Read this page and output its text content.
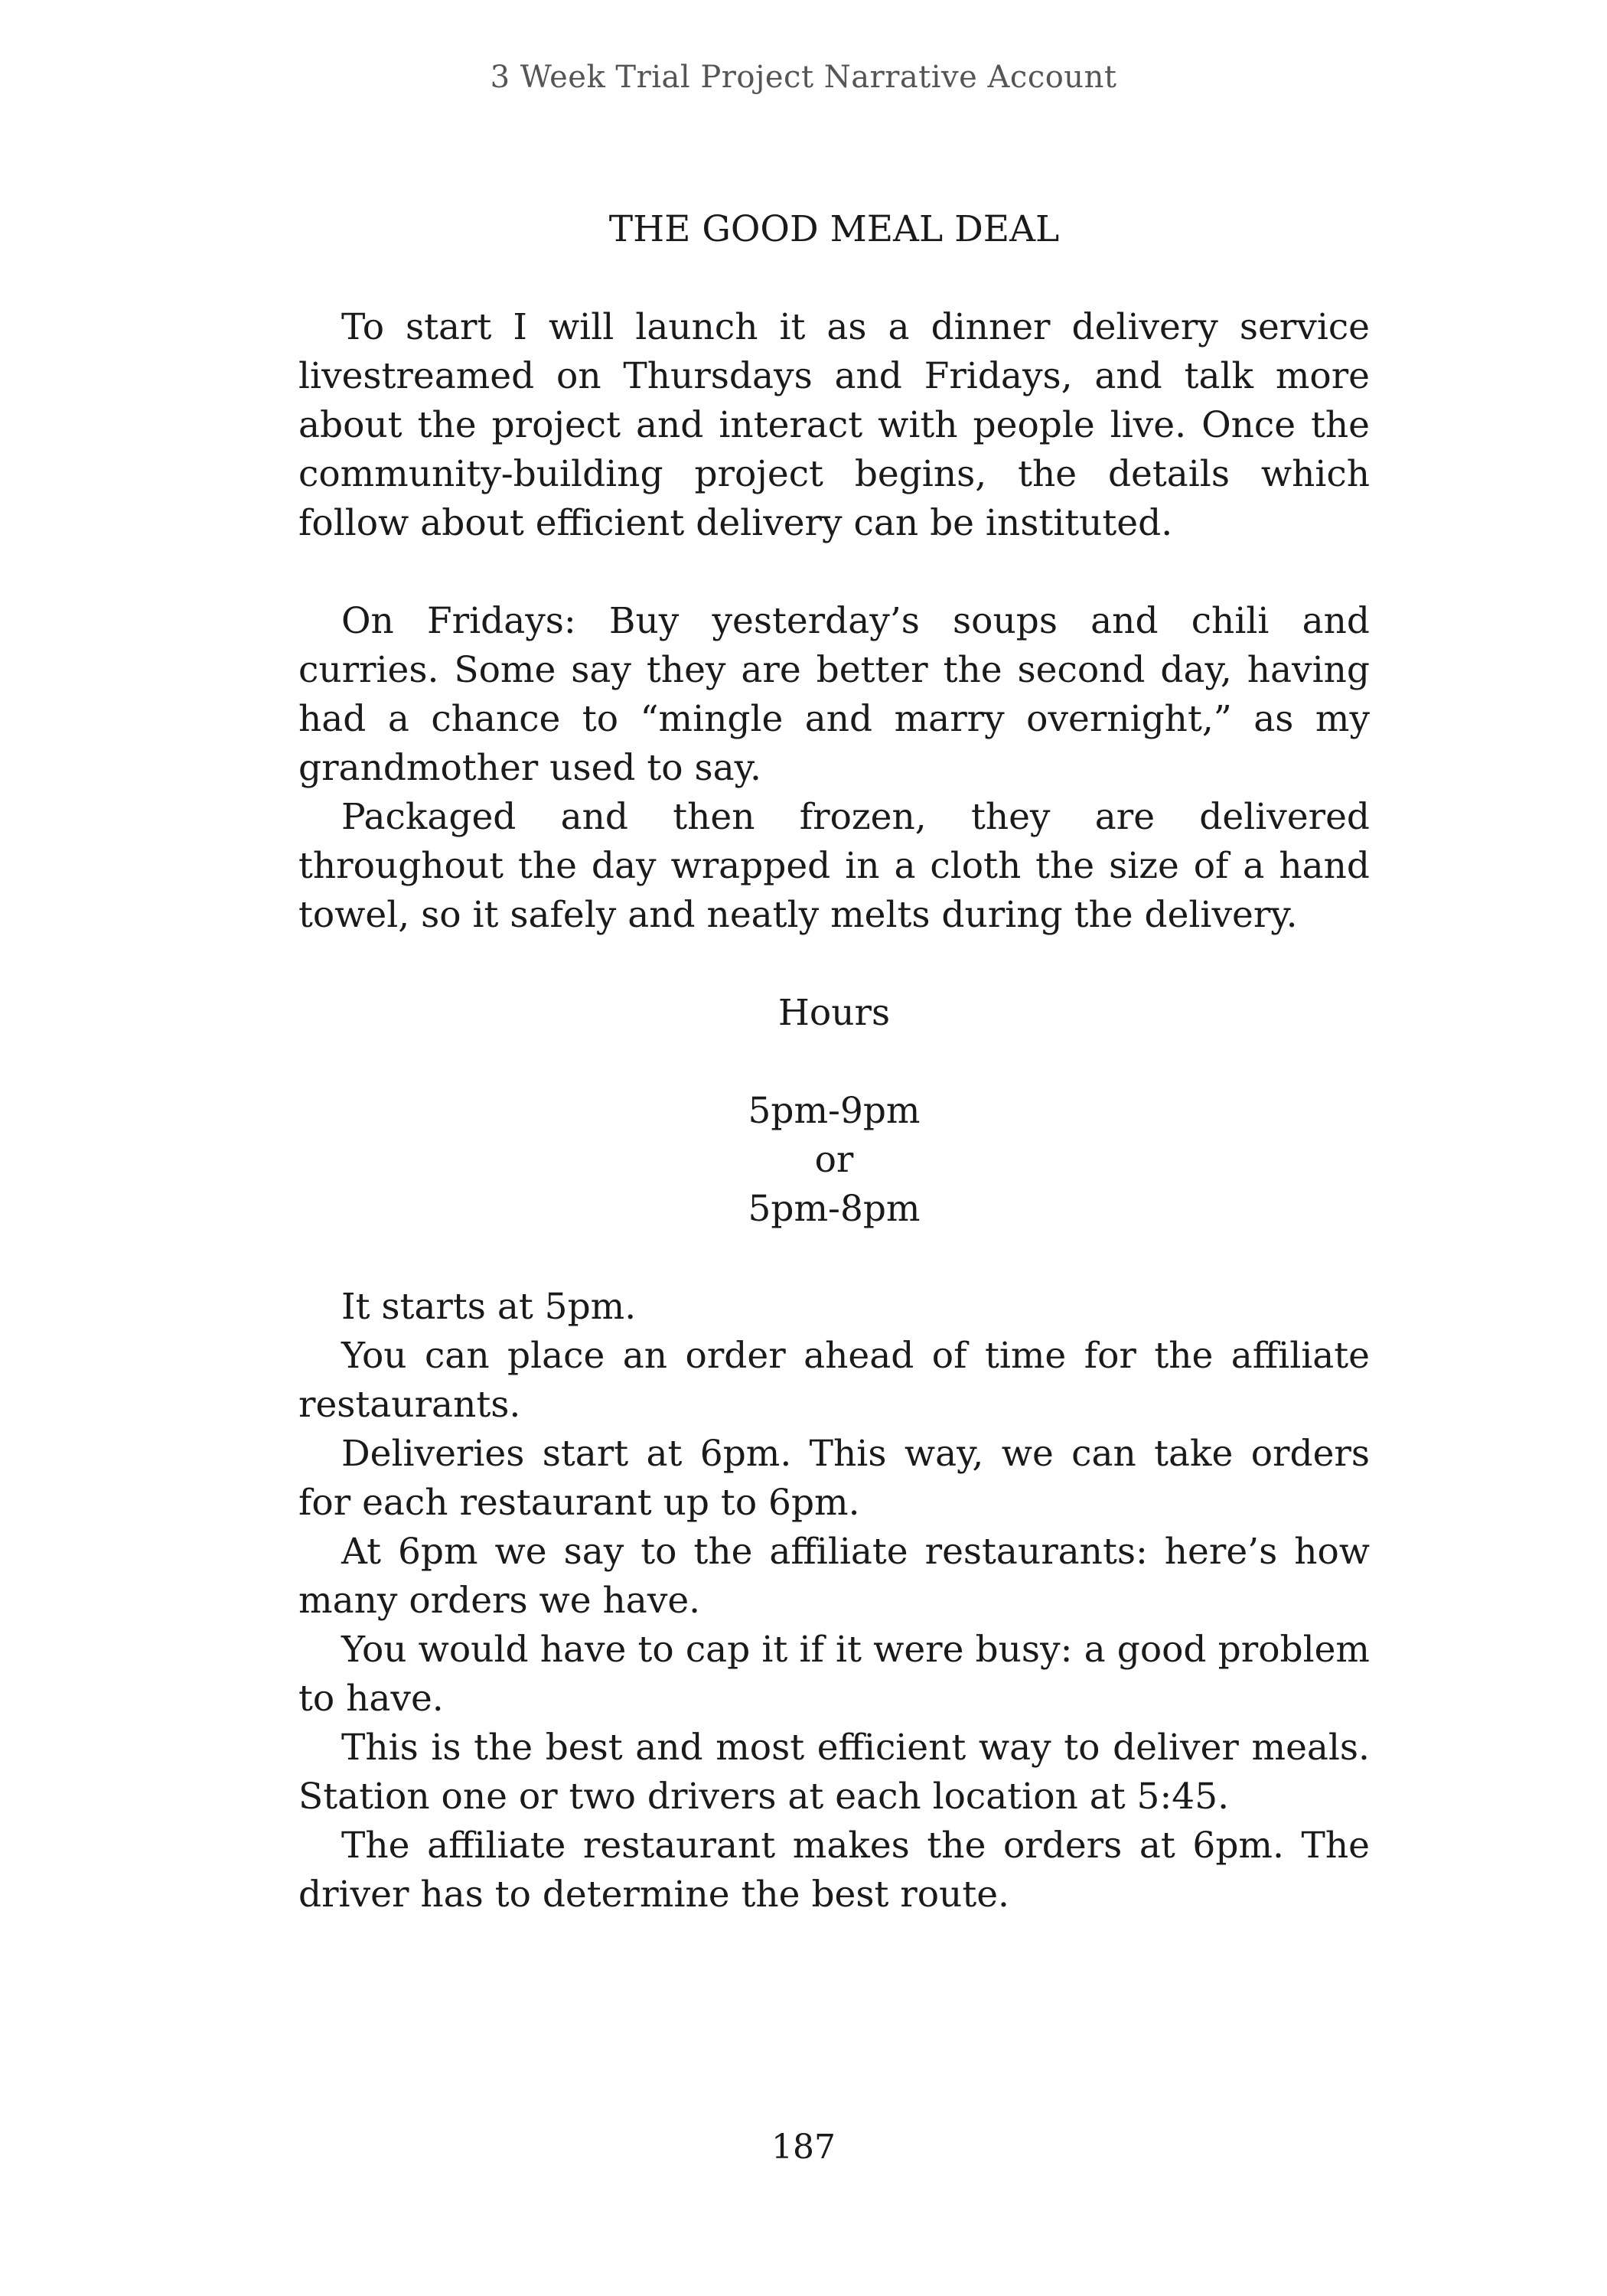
3 Week Trial Project Narrative Account

THE GOOD MEAL DEAL

To start I will launch it as a dinner delivery service livestreamed on Thursdays and Fridays, and talk more about the project and interact with people live. Once the community-building project begins, the details which follow about efficient delivery can be instituted.

On Fridays: Buy yesterday’s soups and chili and curries. Some say they are better the second day, having had a chance to “mingle and marry overnight,” as my grandmother used to say.

Packaged and then frozen, they are delivered throughout the day wrapped in a cloth the size of a hand towel, so it safely and neatly melts during the delivery.

Hours

5pm-9pm

or

5pm-8pm

It starts at 5pm.

You can place an order ahead of time for the affiliate restaurants.

Deliveries start at 6pm. This way, we can take orders for each restaurant up to 6pm.

At 6pm we say to the affiliate restaurants: here’s how many orders we have.

You would have to cap it if it were busy: a good problem to have.

This is the best and most efficient way to deliver meals. Station one or two drivers at each location at 5:45.

The affiliate restaurant makes the orders at 6pm. The driver has to determine the best route.

187
